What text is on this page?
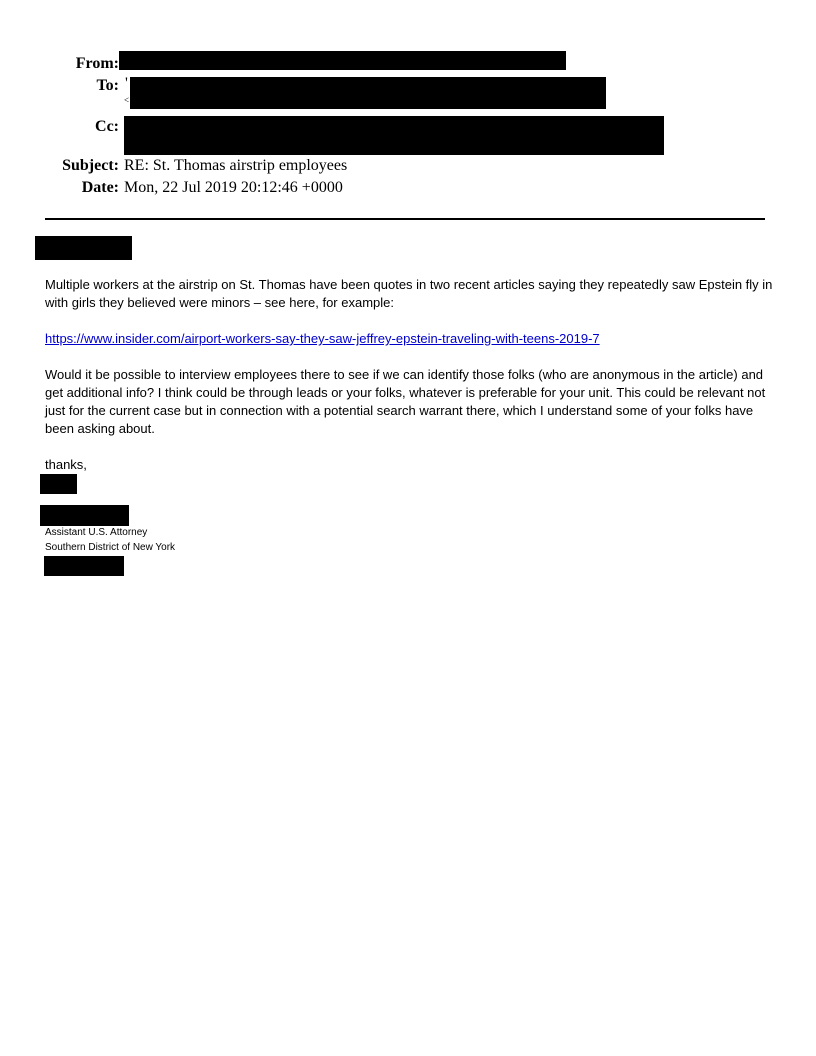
From:
To: '
<
Cc:
Subject: RE: St. Thomas airstrip employees
Date: Mon, 22 Jul 2019 20:12:46 +0000
Multiple workers at the airstrip on St. Thomas have been quotes in two recent articles saying they repeatedly saw Epstein fly in with girls they believed were minors – see here, for example:
https://www.insider.com/airport-workers-say-they-saw-jeffrey-epstein-traveling-with-teens-2019-7
Would it be possible to interview employees there to see if we can identify those folks (who are anonymous in the article) and get additional info? I think could be through leads or your folks, whatever is preferable for your unit. This could be relevant not just for the current case but in connection with a potential search warrant there, which I understand some of your folks have been asking about.
thanks,
Assistant U.S. Attorney
Southern District of New York
